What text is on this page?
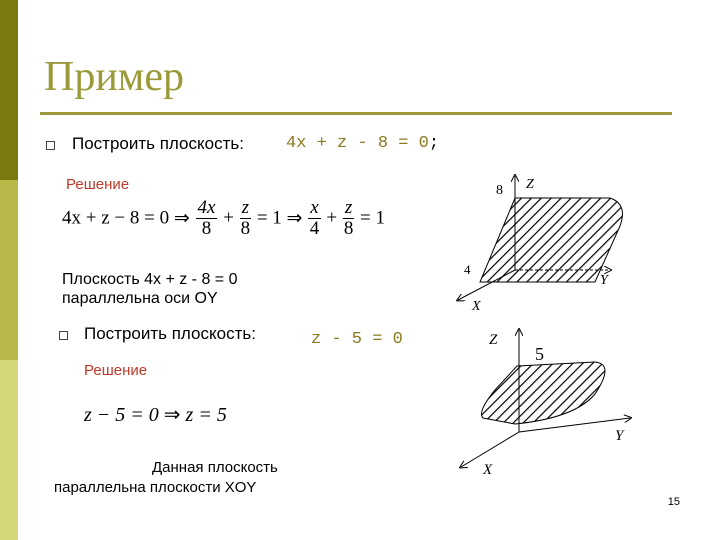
Пример
Построить плоскость: 4x + z - 8 = 0;
Решение
4x + z − 8 = 0 ⇒ $\frac{4x}{8} + \frac{z}{8} = 1$ ⇒ $\frac{x}{4} + \frac{z}{8} = 1$
Плоскость 4x + z - 8 = 0
параллельна оси OY
Построить плоскость:	z - 5 = 0
Решение
z − 5 = 0 ⇒ z = 5
Данная плоскость
параллельна плоскости XOY
Z
8
4
Y
X
Z
5
Y
X
15
